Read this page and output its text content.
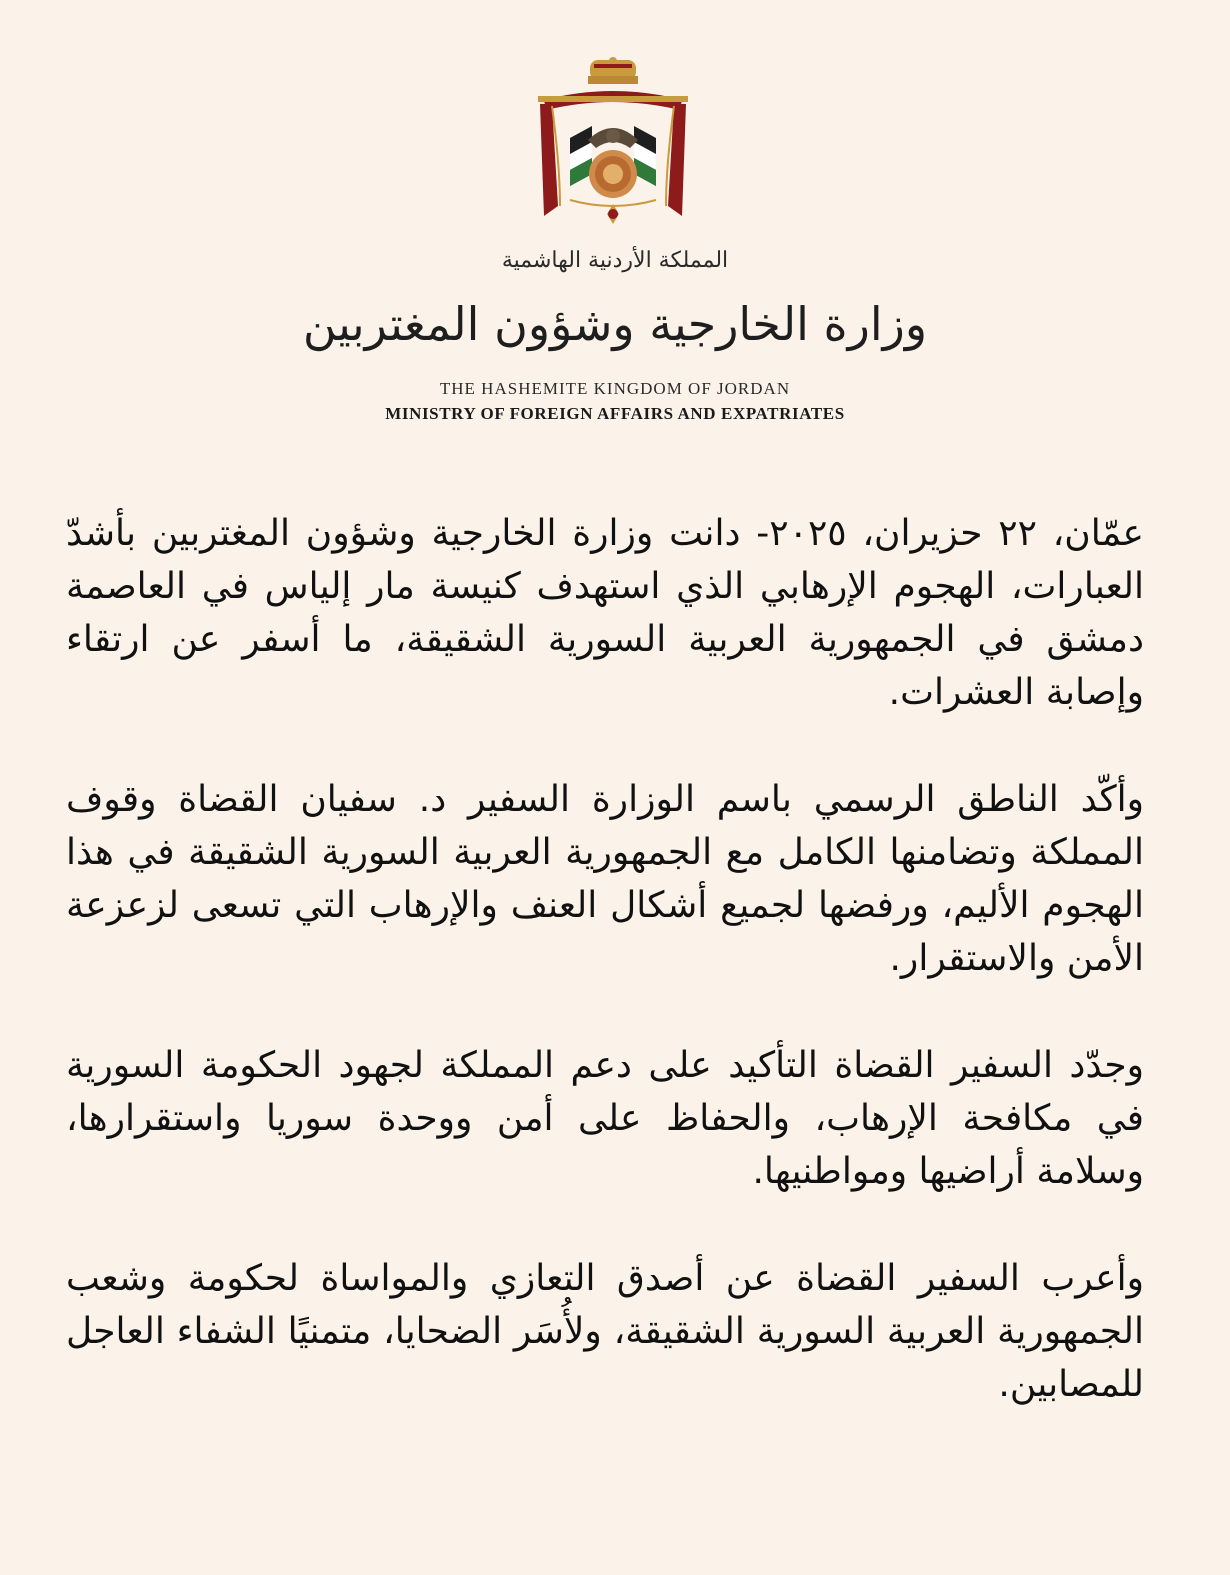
المملكة الأردنية الهاشمية
وزارة الخارجية وشؤون المغتربين
THE HASHEMITE KINGDOM OF JORDAN
MINISTRY OF FOREIGN AFFAIRS AND EXPATRIATES

عمّان، ٢٢ حزيران، ٢٠٢٥- دانت وزارة الخارجية وشؤون المغتربين بأشدّ العبارات، الهجوم الإرهابي الذي استهدف كنيسة مار إلياس في العاصمة دمشق في الجمهورية العربية السورية الشقيقة، ما أسفر عن ارتقاء وإصابة العشرات.

وأكّد الناطق الرسمي باسم الوزارة السفير د. سفيان القضاة وقوف المملكة وتضامنها الكامل مع الجمهورية العربية السورية الشقيقة في هذا الهجوم الأليم، ورفضها لجميع أشكال العنف والإرهاب التي تسعى لزعزعة الأمن والاستقرار.

وجدّد السفير القضاة التأكيد على دعم المملكة لجهود الحكومة السورية في مكافحة الإرهاب، والحفاظ على أمن ووحدة سوريا واستقرارها، وسلامة أراضيها ومواطنيها.

وأعرب السفير القضاة عن أصدق التعازي والمواساة لحكومة وشعب الجمهورية العربية السورية الشقيقة، ولأُسَر الضحايا، متمنيًا الشفاء العاجل للمصابين.
